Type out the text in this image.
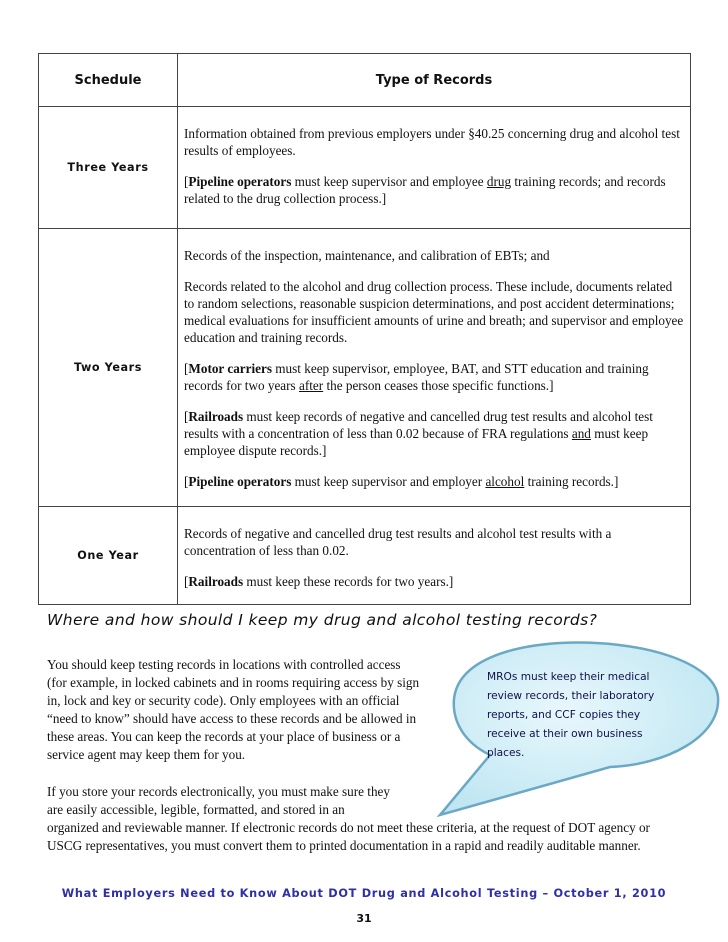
Schedule	Type of Records
Three Years	Information obtained from previous employers under §40.25 concerning drug and alcohol test results of employees.

[Pipeline operators must keep supervisor and employee drug training records; and records related to the drug collection process.]

Two Years	Records of the inspection, maintenance, and calibration of EBTs; and

Records related to the alcohol and drug collection process. These include, documents related to random selections, reasonable suspicion determinations, and post accident determinations; medical evaluations for insufficient amounts of urine and breath; and supervisor and employee education and training records.

[Motor carriers must keep supervisor, employee, BAT, and STT education and training records for two years after the person ceases those specific functions.]

[Railroads must keep records of negative and cancelled drug test results and alcohol test results with a concentration of less than 0.02 because of FRA regulations and must keep employee dispute records.]

[Pipeline operators must keep supervisor and employer alcohol training records.]

One Year	Records of negative and cancelled drug test results and alcohol test results with a concentration of less than 0.02.

[Railroads must keep these records for two years.]

Where and how should I keep my drug and alcohol testing records?

MROs must keep their medical review records, their laboratory reports, and CCF copies they receive at their own business places.

You should keep testing records in locations with controlled access (for example, in locked cabinets and in rooms requiring access by sign in, lock and key or security code). Only employees with an official “need to know” should have access to these records and be allowed in these areas. You can keep the records at your place of business or a service agent may keep them for you.

If you store your records electronically, you must make sure they
are easily accessible, legible, formatted, and stored in an
organized and reviewable manner. If electronic records do not meet these criteria, at the request of DOT agency or USCG representatives, you must convert them to printed documentation in a rapid and readily auditable manner.

What Employers Need to Know About DOT Drug and Alcohol Testing – October 1, 2010

31
